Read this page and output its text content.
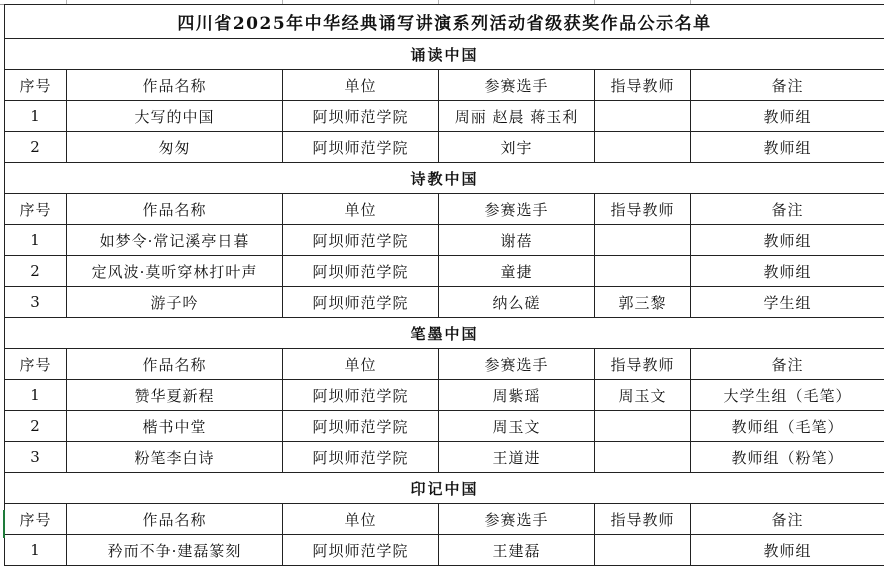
四川省2025年中华经典诵写讲演系列活动省级获奖作品公示名单					
诵读中国					
序号	作品名称	单位	参赛选手	指导教师	备注
1	大写的中国	阿坝师范学院	周丽 赵晨 蒋玉利		教师组
2	匆匆	阿坝师范学院	刘宇		教师组
诗教中国					
序号	作品名称	单位	参赛选手	指导教师	备注
1	如梦令·常记溪亭日暮	阿坝师范学院	谢蓓		教师组
2	定风波·莫听穿林打叶声	阿坝师范学院	童捷		教师组
3	游子吟	阿坝师范学院	纳么磋	郭三黎	学生组
笔墨中国					
序号	作品名称	单位	参赛选手	指导教师	备注
1	赞华夏新程	阿坝师范学院	周紫瑶	周玉文	大学生组（毛笔）
2	楷书中堂	阿坝师范学院	周玉文		教师组（毛笔）
3	粉笔李白诗	阿坝师范学院	王道进		教师组（粉笔）
印记中国					
序号	作品名称	单位	参赛选手	指导教师	备注
1	矜而不争·建磊篆刻	阿坝师范学院	王建磊		教师组
